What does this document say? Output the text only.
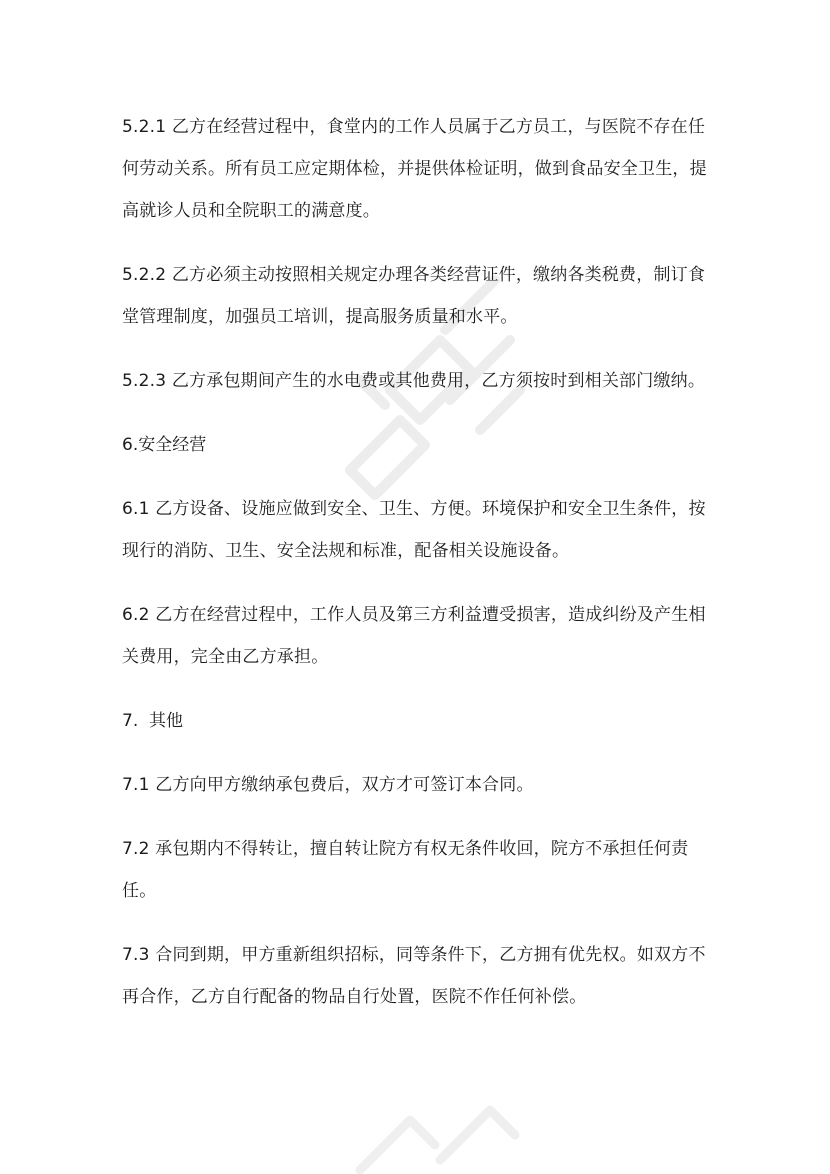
5.2.1 乙方在经营过程中，食堂内的工作人员属于乙方员工，与医院不存在任何劳动关系。所有员工应定期体检，并提供体检证明，做到食品安全卫生，提高就诊人员和全院职工的满意度。

5.2.2 乙方必须主动按照相关规定办理各类经营证件，缴纳各类税费，制订食堂管理制度，加强员工培训，提高服务质量和水平。

5.2.3 乙方承包期间产生的水电费或其他费用，乙方须按时到相关部门缴纳。

6.安全经营

6.1 乙方设备、设施应做到安全、卫生、方便。环境保护和安全卫生条件，按现行的消防、卫生、安全法规和标准，配备相关设施设备。

6.2 乙方在经营过程中，工作人员及第三方利益遭受损害，造成纠纷及产生相关费用，完全由乙方承担。

7.  其他

7.1 乙方向甲方缴纳承包费后，双方才可签订本合同。

7.2 承包期内不得转让，擅自转让院方有权无条件收回，院方不承担任何责任。

7.3 合同到期，甲方重新组织招标，同等条件下，乙方拥有优先权。如双方不再合作，乙方自行配备的物品自行处置，医院不作任何补偿。
